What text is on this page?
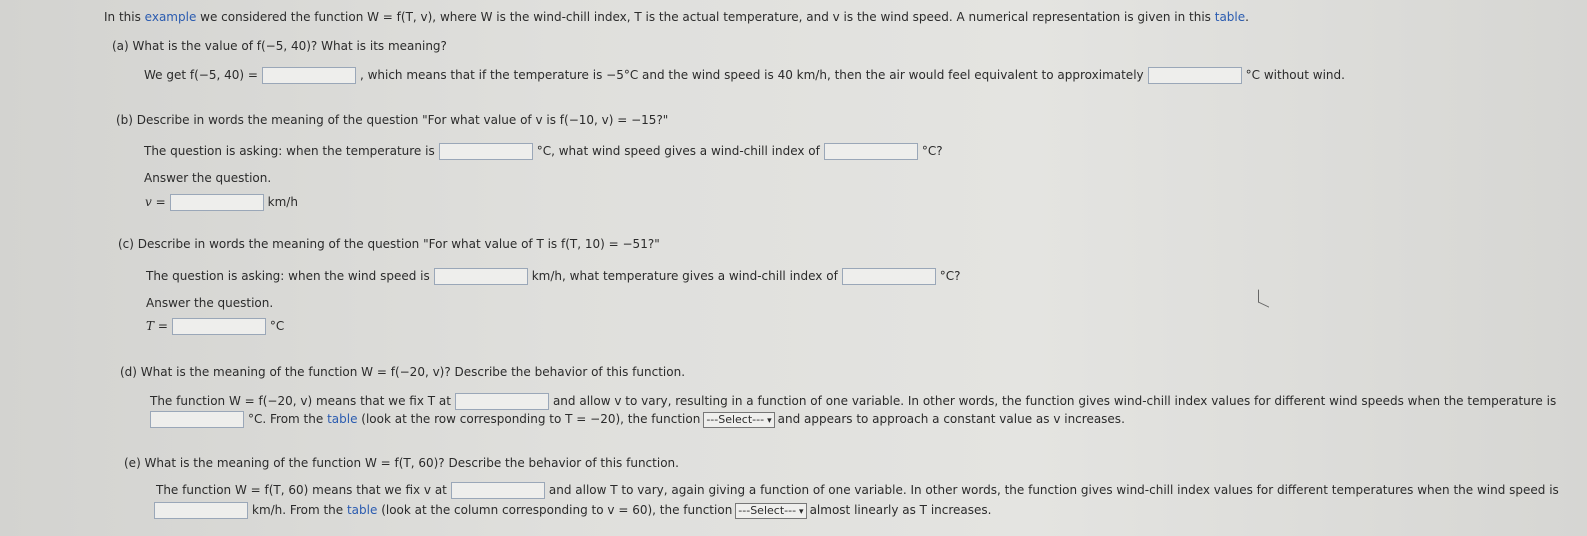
In this example we considered the function W = f(T, v), where W is the wind-chill index, T is the actual temperature, and v is the wind speed. A numerical representation is given in this table.
(a) What is the value of f(−5, 40)? What is its meaning?
We get f(−5, 40) =	, which means that if the temperature is −5°C and the wind speed is 40 km/h, then the air would feel equivalent to approximately	°C without wind.
(b) Describe in words the meaning of the question "For what value of v is f(−10, v) = −15?"
The question is asking: when the temperature is	°C, what wind speed gives a wind-chill index of	°C?
Answer the question.
v =	km/h
(c) Describe in words the meaning of the question "For what value of T is f(T, 10) = −51?"
The question is asking: when the wind speed is	km/h, what temperature gives a wind-chill index of	°C?
Answer the question.
T =	°C
(d) What is the meaning of the function W = f(−20, v)? Describe the behavior of this function.
The function W = f(−20, v) means that we fix T at	and allow v to vary, resulting in a function of one variable. In other words, the function gives wind-chill index values for different wind speeds when the temperature is
°C. From the table (look at the row corresponding to T = −20), the function ---Select--- ▾ and appears to approach a constant value as v increases.
(e) What is the meaning of the function W = f(T, 60)? Describe the behavior of this function.
The function W = f(T, 60) means that we fix v at	and allow T to vary, again giving a function of one variable. In other words, the function gives wind-chill index values for different temperatures when the wind speed is
km/h. From the table (look at the column corresponding to v = 60), the function ---Select--- ▾ almost linearly as T increases.
